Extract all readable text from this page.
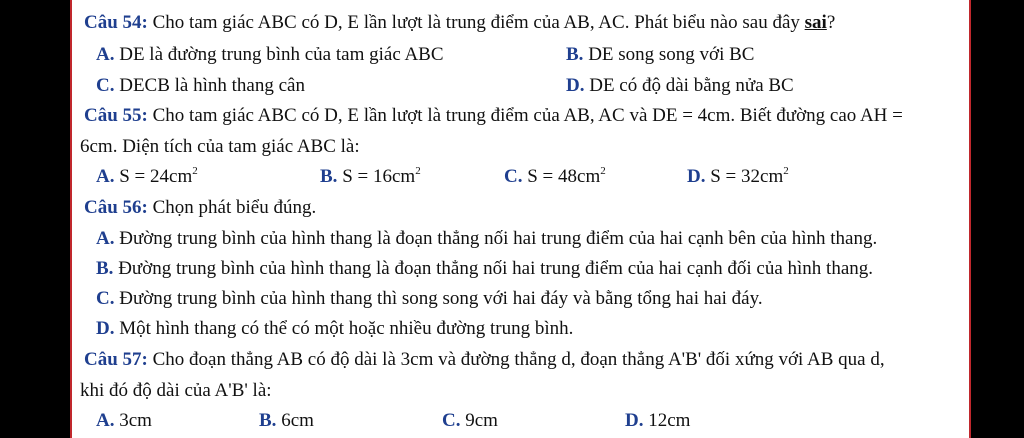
Câu 54: Cho tam giác ABC có D, E lần lượt là trung điểm của AB, AC. Phát biểu nào sau đây sai?
A. DE là đường trung bình của tam giác ABC	B. DE song song với BC
C. DECB là hình thang cân	D. DE có độ dài bằng nửa BC
Câu 55: Cho tam giác ABC có D, E lần lượt là trung điểm của AB, AC và DE = 4cm. Biết đường cao AH =
6cm. Diện tích của tam giác ABC là:
A. $S = 24cm^2$	B. $S = 16cm^2$	C. $S = 48cm^2$	D. $S = 32cm^2$
Câu 56: Chọn phát biểu đúng.
A. Đường trung bình của hình thang là đoạn thẳng nối hai trung điểm của hai cạnh bên của hình thang.
B. Đường trung bình của hình thang là đoạn thẳng nối hai trung điểm của hai cạnh đối của hình thang.
C. Đường trung bình của hình thang thì song song với hai đáy và bằng tổng hai hai đáy.
D. Một hình thang có thể có một hoặc nhiều đường trung bình.
Câu 57: Cho đoạn thẳng AB có độ dài là 3cm và đường thẳng d, đoạn thẳng A'B' đối xứng với AB qua d,
khi đó độ dài của A'B' là:
A. 3cm	B. 6cm	C. 9cm	D. 12cm
